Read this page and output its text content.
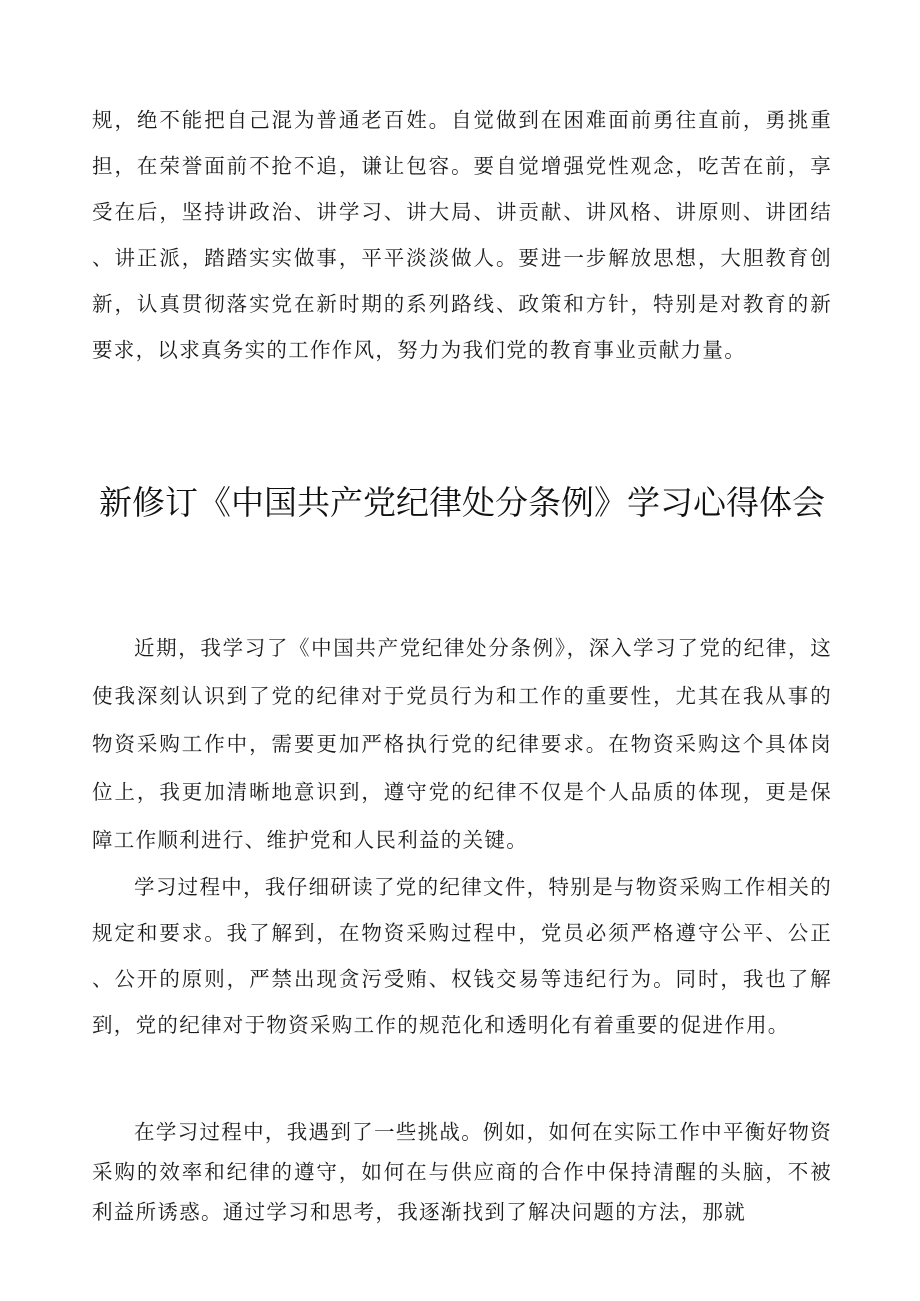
规，绝不能把自己混为普通老百姓。自觉做到在困难面前勇往直前，勇挑重担，在荣誉面前不抢不追，谦让包容。要自觉增强党性观念，吃苦在前，享受在后，坚持讲政治、讲学习、讲大局、讲贡献、讲风格、讲原则、讲团结、讲正派，踏踏实实做事，平平淡淡做人。要进一步解放思想，大胆教育创新，认真贯彻落实党在新时期的系列路线、政策和方针，特别是对教育的新要求，以求真务实的工作作风，努力为我们党的教育事业贡献力量。

新修订《中国共产党纪律处分条例》学习心得体会

近期，我学习了《中国共产党纪律处分条例》，深入学习了党的纪律，这使我深刻认识到了党的纪律对于党员行为和工作的重要性，尤其在我从事的物资采购工作中，需要更加严格执行党的纪律要求。在物资采购这个具体岗位上，我更加清晰地意识到，遵守党的纪律不仅是个人品质的体现，更是保障工作顺利进行、维护党和人民利益的关键。

学习过程中，我仔细研读了党的纪律文件，特别是与物资采购工作相关的规定和要求。我了解到，在物资采购过程中，党员必须严格遵守公平、公正、公开的原则，严禁出现贪污受贿、权钱交易等违纪行为。同时，我也了解到，党的纪律对于物资采购工作的规范化和透明化有着重要的促进作用。

在学习过程中，我遇到了一些挑战。例如，如何在实际工作中平衡好物资采购的效率和纪律的遵守，如何在与供应商的合作中保持清醒的头脑，不被利益所诱惑。通过学习和思考，我逐渐找到了解决问题的方法，那就
